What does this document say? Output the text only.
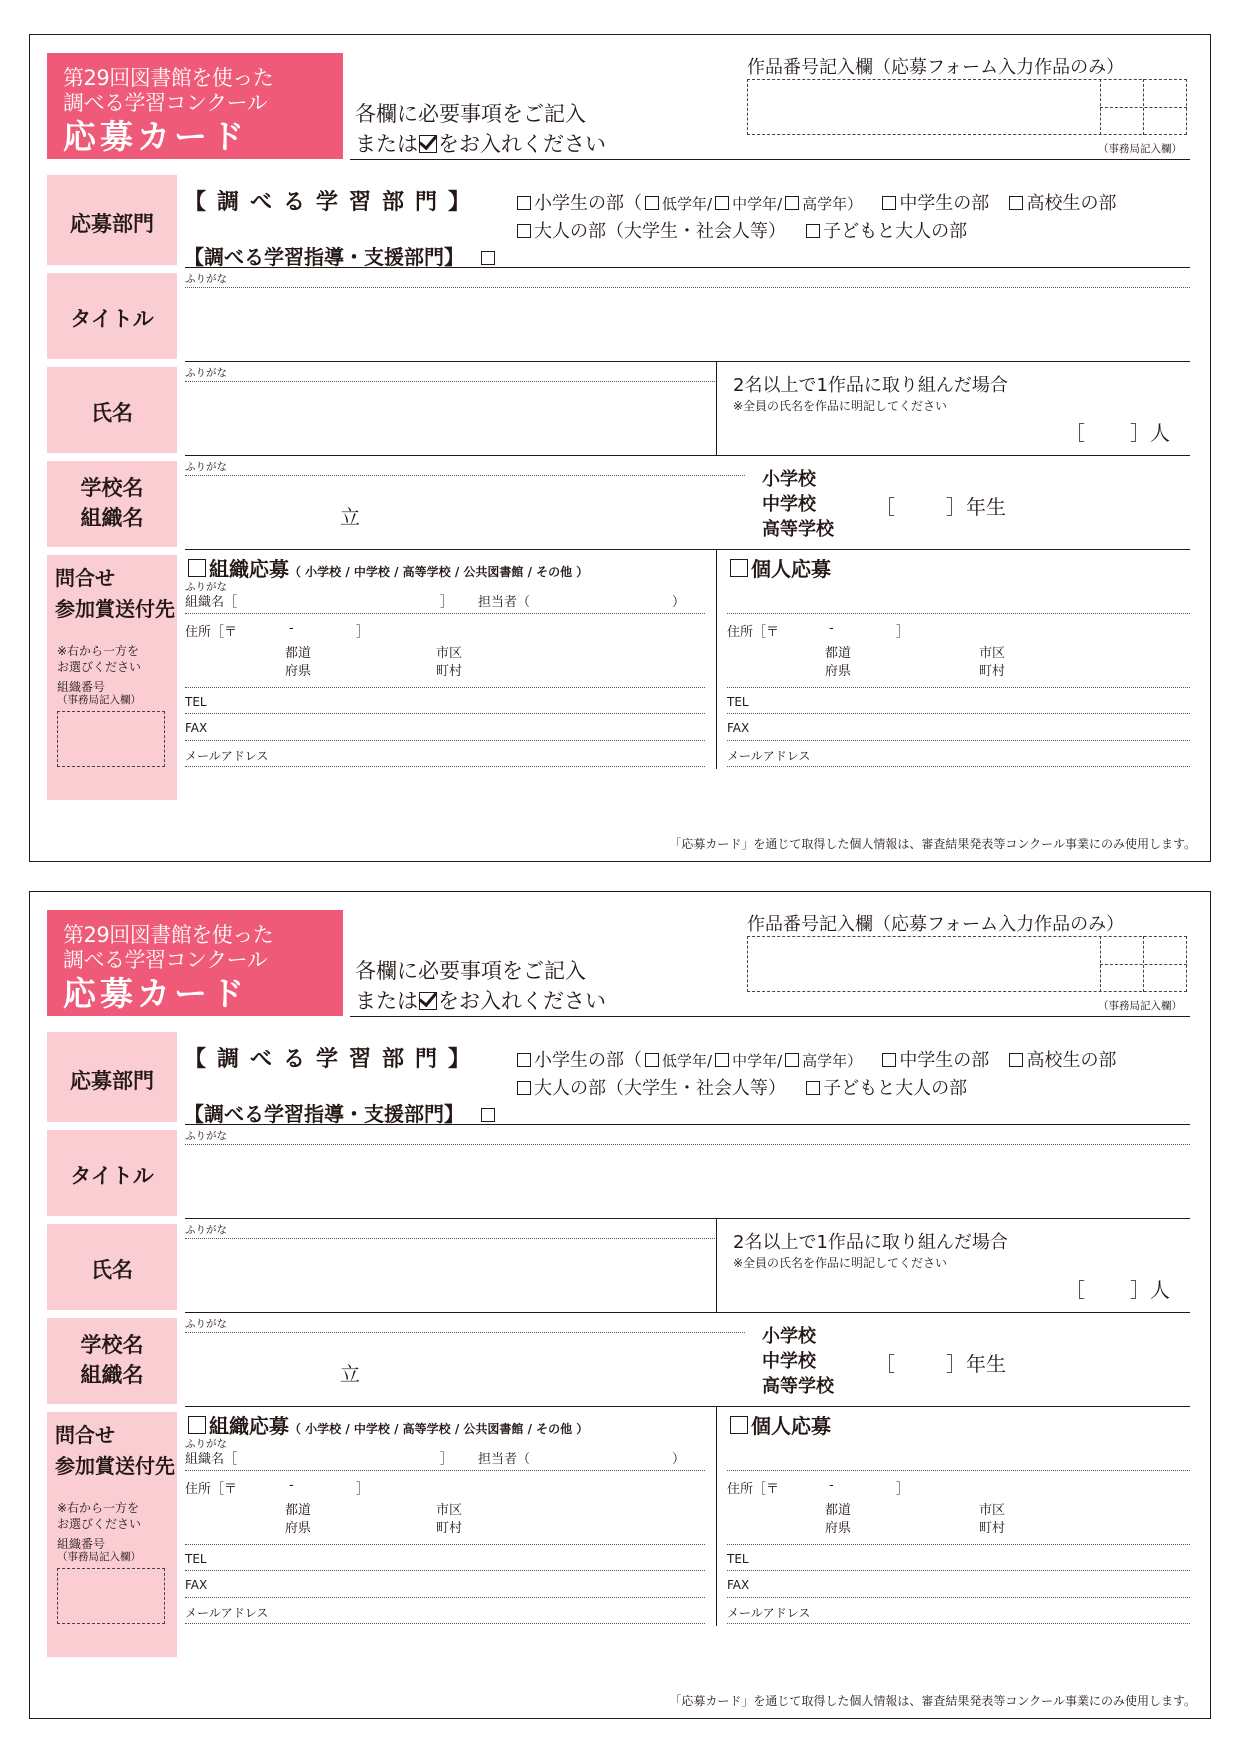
第29回図書館を使った
調べる学習コンクール
応募カード
各欄に必要事項をご記入
または をお入れください
作品番号記入欄（応募フォーム入力作品のみ）
（事務局記入欄）
応募部門
【調べる学習部門】	小学生の部（ 低学年/ 中学年/ 高学年） 中学生の部 高校生の部
大人の部（大学生・社会人等） 子どもと大人の部
【調べる学習指導・支援部門】
タイトル
ふりがな
氏名
ふりがな
2名以上で1作品に取り組んだ場合
※全員の氏名を作品に明記してください
［ ］人
学校名
組織名
ふりがな
立
小学校
中学校
高等学校
［	］年生
問合せ
参加賞送付先
※右から一方を
お選びください
組織番号
（事務局記入欄）
組織応募（ 小学校 / 中学校 / 高等学校 / 公共図書館 / その他 ）
ふりがな
組織名［	］ 担当者（	）
住所［〒	-	］
都道
府県
市区
町村
TEL
FAX
メールアドレス
個人応募
住所［〒	-	］
都道
府県
市区
町村
TEL
FAX
メールアドレス
「応募カード」を通じて取得した個人情報は、審査結果発表等コンクール事業にのみ使用します。
第29回図書館を使った
調べる学習コンクール
応募カード
各欄に必要事項をご記入
または をお入れください
作品番号記入欄（応募フォーム入力作品のみ）
（事務局記入欄）
応募部門
【調べる学習部門】	小学生の部（ 低学年/ 中学年/ 高学年） 中学生の部 高校生の部
大人の部（大学生・社会人等） 子どもと大人の部
【調べる学習指導・支援部門】
タイトル
ふりがな
氏名
ふりがな
2名以上で1作品に取り組んだ場合
※全員の氏名を作品に明記してください
［ ］人
学校名
組織名
ふりがな
立
小学校
中学校
高等学校
［	］年生
問合せ
参加賞送付先
※右から一方を
お選びください
組織番号
（事務局記入欄）
組織応募（ 小学校 / 中学校 / 高等学校 / 公共図書館 / その他 ）
ふりがな
組織名［	］ 担当者（	）
住所［〒	-	］
都道
府県
市区
町村
TEL
FAX
メールアドレス
個人応募
住所［〒	-	］
都道
府県
市区
町村
TEL
FAX
メールアドレス
「応募カード」を通じて取得した個人情報は、審査結果発表等コンクール事業にのみ使用します。
